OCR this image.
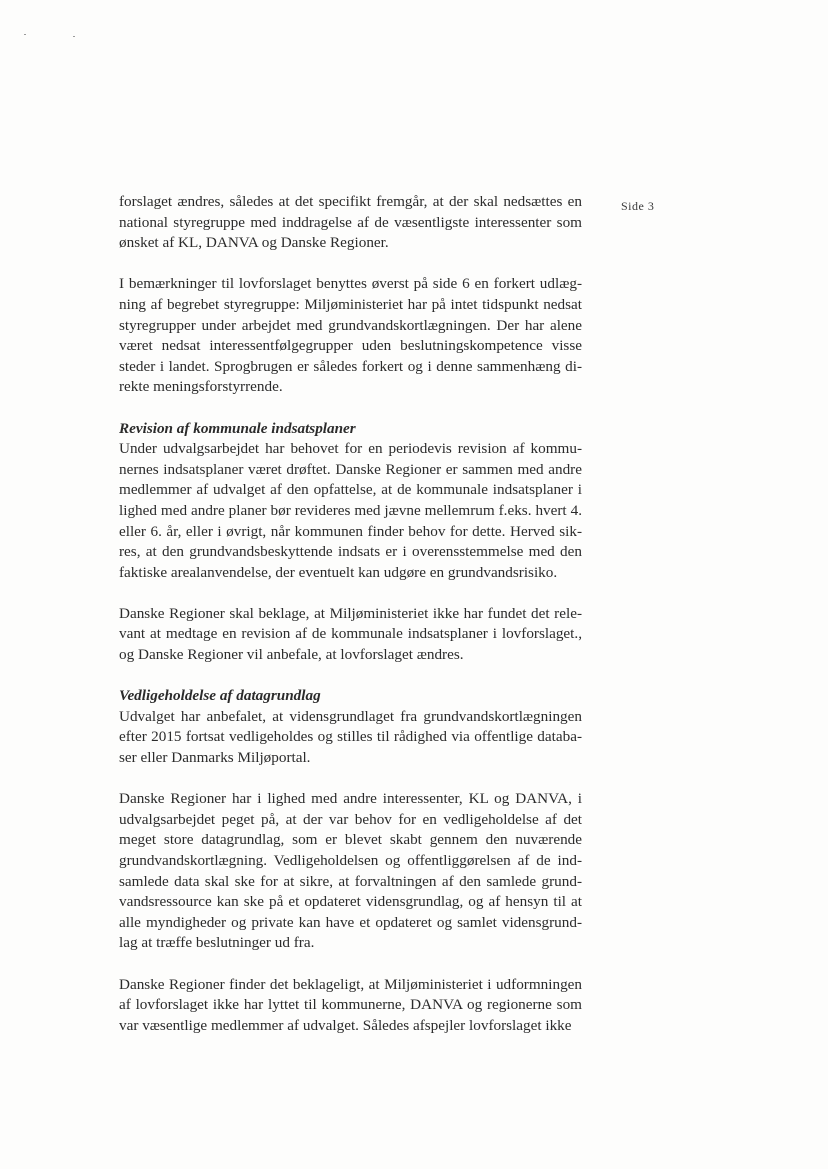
Side 3

forslaget ændres, således at det specifikt fremgår, at der skal nedsættes en national styregruppe med inddragelse af de væsentligste interessenter som ønsket af KL, DANVA og Danske Regioner.

I bemærkninger til lovforslaget benyttes øverst på side 6 en forkert udlægning af begrebet styregruppe: Miljøministeriet har på intet tidspunkt nedsat styregrupper under arbejdet med grundvandskortlægningen. Der har alene været nedsat interessentfølgegrupper uden beslutningskompetence visse steder i landet. Sprogbrugen er således forkert og i denne sammenhæng direkte meningsforstyrrende.

Revision af kommunale indsatsplaner

Under udvalgsarbejdet har behovet for en periodevis revision af kommunernes indsatsplaner været drøftet. Danske Regioner er sammen med andre medlemmer af udvalget af den opfattelse, at de kommunale indsatsplaner i lighed med andre planer bør revideres med jævne mellemrum f.eks. hvert 4. eller 6. år, eller i øvrigt, når kommunen finder behov for dette. Herved sikres, at den grundvandsbeskyttende indsats er i overensstemmelse med den faktiske arealanvendelse, der eventuelt kan udgøre en grundvandsrisiko.

Danske Regioner skal beklage, at Miljøministeriet ikke har fundet det relevant at medtage en revision af de kommunale indsatsplaner i lovforslaget., og Danske Regioner vil anbefale, at lovforslaget ændres.

Vedligeholdelse af datagrundlag

Udvalget har anbefalet, at vidensgrundlaget fra grundvandskortlægningen efter 2015 fortsat vedligeholdes og stilles til rådighed via offentlige databaser eller Danmarks Miljøportal.

Danske Regioner har i lighed med andre interessenter, KL og DANVA, i udvalgsarbejdet peget på, at der var behov for en vedligeholdelse af det meget store datagrundlag, som er blevet skabt gennem den nuværende grundvandskortlægning. Vedligeholdelsen og offentliggørelsen af de indsamlede data skal ske for at sikre, at forvaltningen af den samlede grundvandsressource kan ske på et opdateret vidensgrundlag, og af hensyn til at alle myndigheder og private kan have et opdateret og samlet vidensgrundlag at træffe beslutninger ud fra.

Danske Regioner finder det beklageligt, at Miljøministeriet i udformningen af lovforslaget ikke har lyttet til kommunerne, DANVA og regionerne som var væsentlige medlemmer af udvalget. Således afspejler lovforslaget ikke
